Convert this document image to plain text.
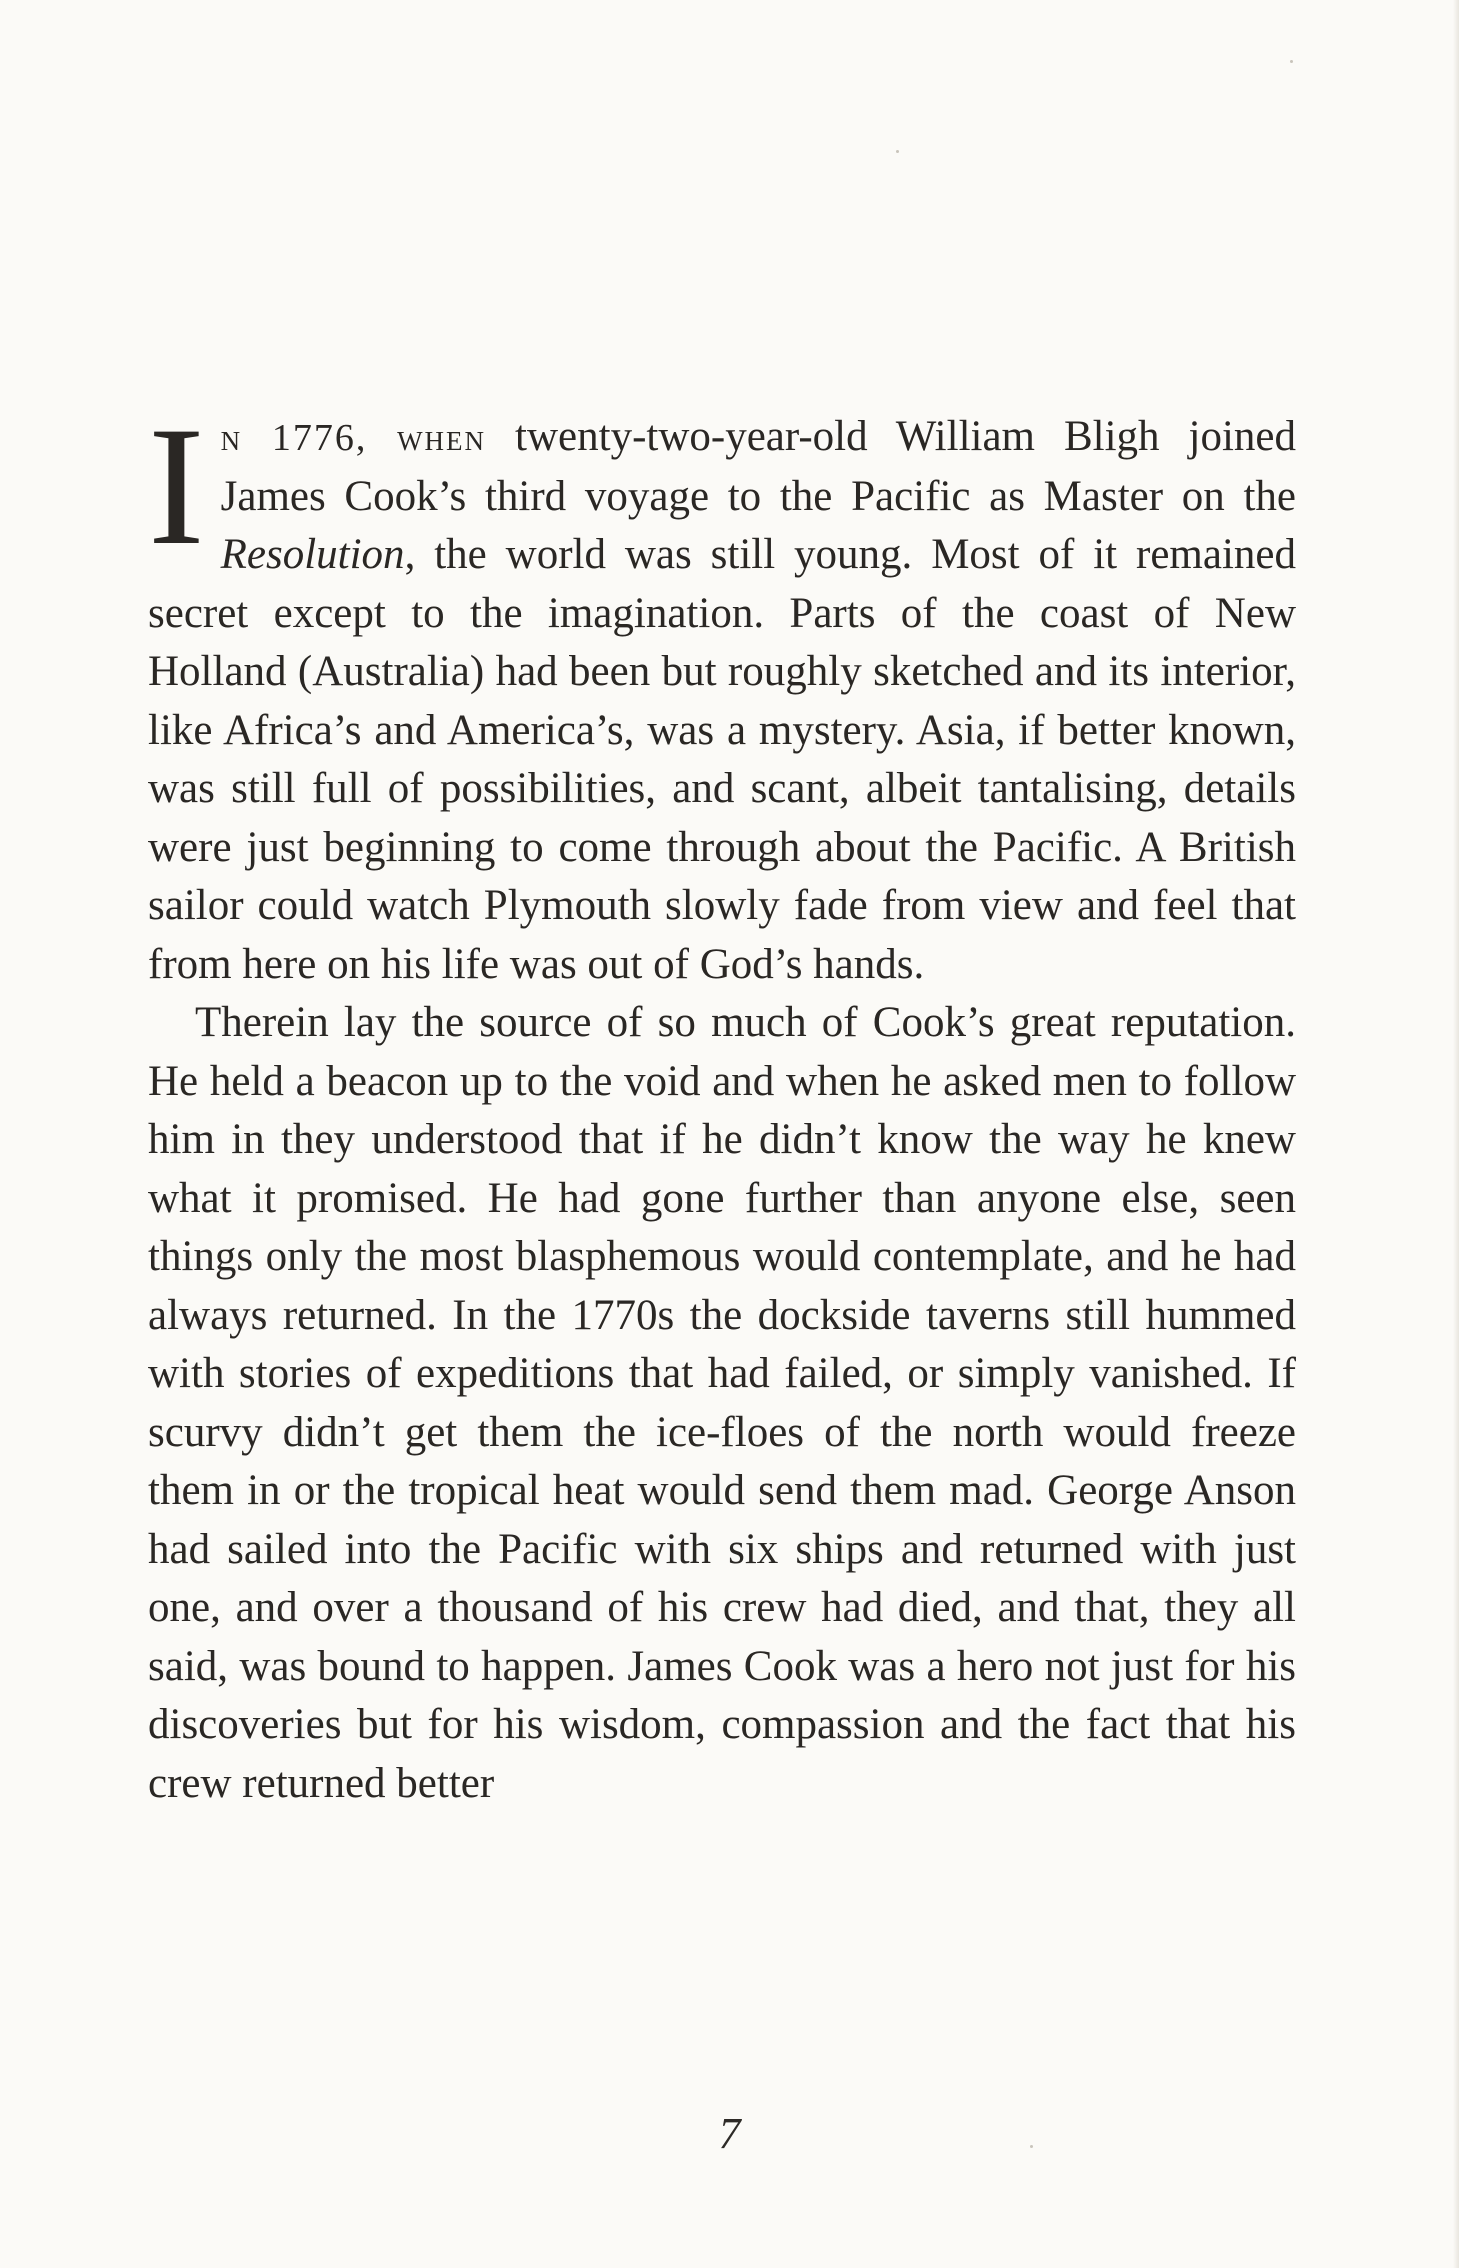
In 1776, when twenty-two-year-old William Bligh joined James Cook’s third voyage to the Pacific as Master on the Resolution, the world was still young. Most of it remained secret except to the imagination. Parts of the coast of New Holland (Australia) had been but roughly sketched and its interior, like Africa’s and America’s, was a mystery. Asia, if better known, was still full of possibilities, and scant, albeit tantalising, details were just beginning to come through about the Pacific. A British sailor could watch Plymouth slowly fade from view and feel that from here on his life was out of God’s hands.

Therein lay the source of so much of Cook’s great reputation. He held a beacon up to the void and when he asked men to follow him in they understood that if he didn’t know the way he knew what it promised. He had gone further than anyone else, seen things only the most blasphemous would contemplate, and he had always returned. In the 1770s the dockside taverns still hummed with stories of expeditions that had failed, or simply vanished. If scurvy didn’t get them the ice-floes of the north would freeze them in or the tropical heat would send them mad. George Anson had sailed into the Pacific with six ships and returned with just one, and over a thousand of his crew had died, and that, they all said, was bound to happen. James Cook was a hero not just for his discoveries but for his wisdom, compassion and the fact that his crew returned better

7
